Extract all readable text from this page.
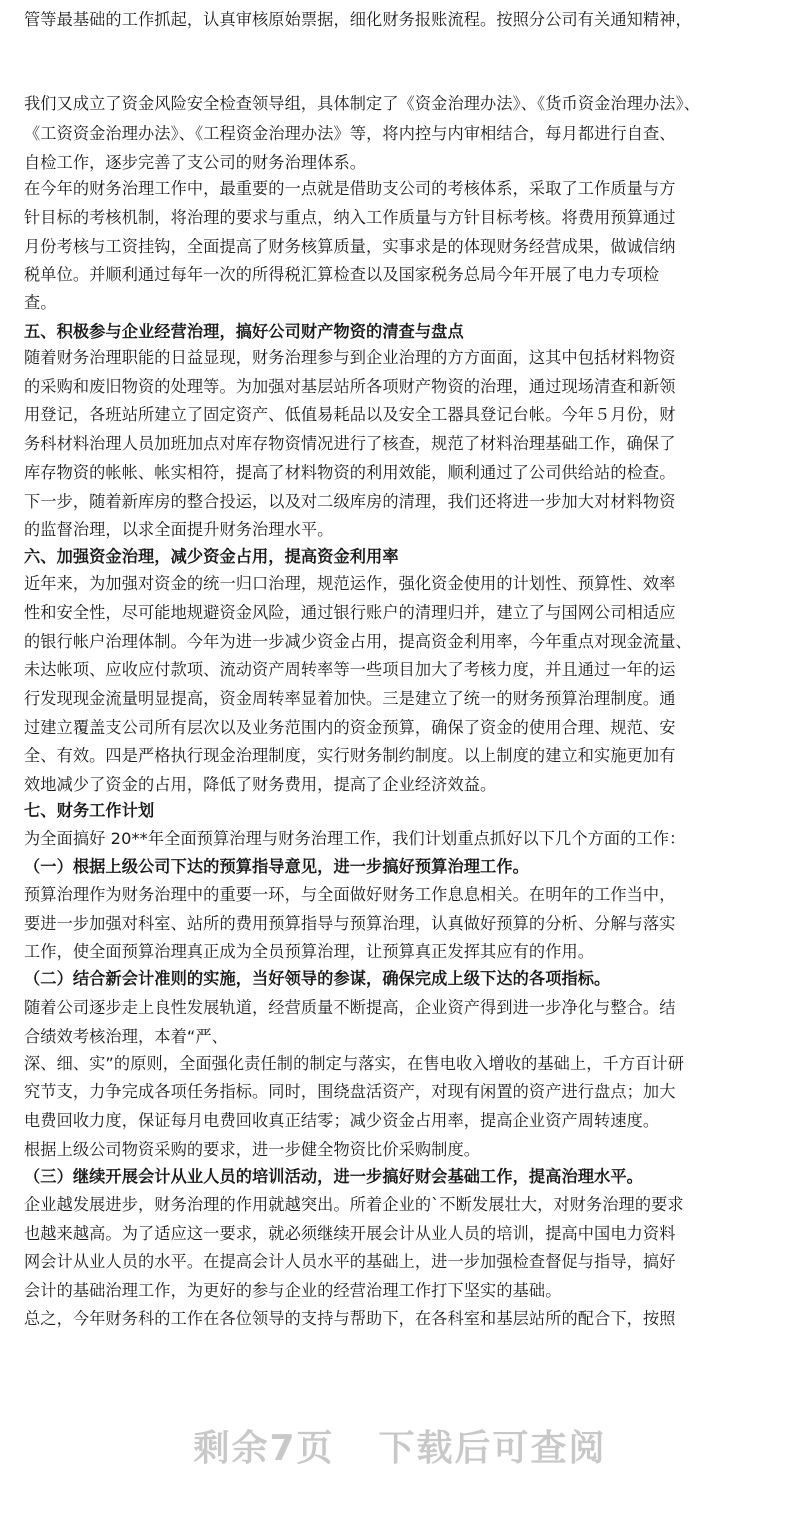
管等最基础的工作抓起，认真审核原始票据，细化财务报账流程。按照分公司有关通知精神，
我们又成立了资金风险安全检查领导组，具体制定了《资金治理办法》、《货币资金治理办法》、
《工资资金治理办法》、《工程资金治理办法》等，将内控与内审相结合，每月都进行自查、
自检工作，逐步完善了支公司的财务治理体系。
在今年的财务治理工作中，最重要的一点就是借助支公司的考核体系，采取了工作质量与方
针目标的考核机制，将治理的要求与重点，纳入工作质量与方针目标考核。将费用预算通过
月份考核与工资挂钩，全面提高了财务核算质量，实事求是的体现财务经营成果，做诚信纳
税单位。并顺利通过每年一次的所得税汇算检查以及国家税务总局今年开展了电力专项检
查。
五、积极参与企业经营治理，搞好公司财产物资的清查与盘点
随着财务治理职能的日益显现，财务治理参与到企业治理的方方面面，这其中包括材料物资
的采购和废旧物资的处理等。为加强对基层站所各项财产物资的治理，通过现场清查和新领
用登记，各班站所建立了固定资产、低值易耗品以及安全工器具登记台帐。今年５月份，财
务科材料治理人员加班加点对库存物资情况进行了核查，规范了材料治理基础工作，确保了
库存物资的帐帐、帐实相符，提高了材料物资的利用效能，顺利通过了公司供给站的检查。
下一步，随着新库房的整合投运，以及对二级库房的清理，我们还将进一步加大对材料物资
的监督治理，以求全面提升财务治理水平。
六、加强资金治理，减少资金占用，提高资金利用率
近年来，为加强对资金的统一归口治理，规范运作，强化资金使用的计划性、预算性、效率
性和安全性，尽可能地规避资金风险，通过银行账户的清理归并，建立了与国网公司相适应
的银行帐户治理体制。今年为进一步减少资金占用，提高资金利用率，今年重点对现金流量、
未达帐项、应收应付款项、流动资产周转率等一些项目加大了考核力度，并且通过一年的运
行发现现金流量明显提高，资金周转率显着加快。三是建立了统一的财务预算治理制度。通
过建立覆盖支公司所有层次以及业务范围内的资金预算，确保了资金的使用合理、规范、安
全、有效。四是严格执行现金治理制度，实行财务制约制度。以上制度的建立和实施更加有
效地减少了资金的占用，降低了财务费用，提高了企业经济效益。
七、财务工作计划
为全面搞好 20**年全面预算治理与财务治理工作，我们计划重点抓好以下几个方面的工作：
（一）根据上级公司下达的预算指导意见，进一步搞好预算治理工作。
预算治理作为财务治理中的重要一环，与全面做好财务工作息息相关。在明年的工作当中，
要进一步加强对科室、站所的费用预算指导与预算治理，认真做好预算的分析、分解与落实
工作，使全面预算治理真正成为全员预算治理，让预算真正发挥其应有的作用。
（二）结合新会计准则的实施，当好领导的参谋，确保完成上级下达的各项指标。
随着公司逐步走上良性发展轨道，经营质量不断提高，企业资产得到进一步净化与整合。结
合绩效考核治理，本着“严、
深、细、实”的原则，全面强化责任制的制定与落实，在售电收入增收的基础上，千方百计研
究节支，力争完成各项任务指标。同时，围绕盘活资产，对现有闲置的资产进行盘点；加大
电费回收力度，保证每月电费回收真正结零；减少资金占用率，提高企业资产周转速度。
根据上级公司物资采购的要求，进一步健全物资比价采购制度。
（三）继续开展会计从业人员的培训活动，进一步搞好财会基础工作，提高治理水平。
企业越发展进步，财务治理的作用就越突出。所着企业的`不断发展壮大，对财务治理的要求
也越来越高。为了适应这一要求，就必须继续开展会计从业人员的培训，提高中国电力资料
网会计从业人员的水平。在提高会计人员水平的基础上，进一步加强检查督促与指导，搞好
会计的基础治理工作，为更好的参与企业的经营治理工作打下坚实的基础。
总之，今年财务科的工作在各位领导的支持与帮助下，在各科室和基层站所的配合下，按照
剩余7页 下载后可查阅
